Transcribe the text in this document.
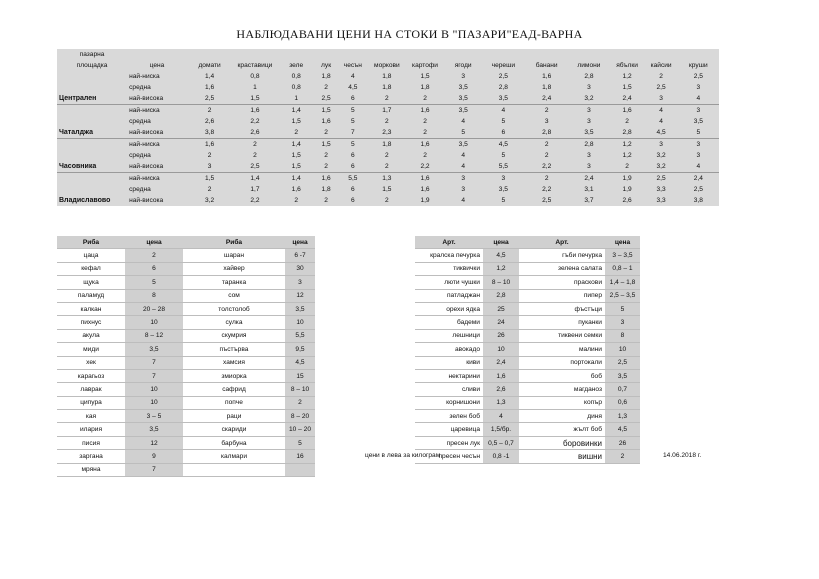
НАБЛЮДАВАНИ ЦЕНИ НА СТОКИ В "ПАЗАРИ"ЕАД-ВАРНА
пазарна															
площадка	цена	домати	краставици	зеле	лук	чесън	моркови	картофи	ягоди	череши	банани	лимони	ябълки	кайсии	круши
	най-ниска	1,4	0,8	0,8	1,8	4	1,8	1,5	3	2,5	1,6	2,8	1,2	2	2,5
	средна	1,6	1	0,8	2	4,5	1,8	1,8	3,5	2,8	1,8	3	1,5	2,5	3
Централен	най-висока	2,5	1,5	1	2,5	6	2	2	3,5	3,5	2,4	3,2	2,4	3	4
	най-ниска	2	1,6	1,4	1,5	5	1,7	1,6	3,5	4	2	3	1,6	4	3
	средна	2,6	2,2	1,5	1,6	5	2	2	4	5	3	3	2	4	3,5
Чаталджа	най-висока	3,8	2,6	2	2	7	2,3	2	5	6	2,8	3,5	2,8	4,5	5
	най-ниска	1,6	2	1,4	1,5	5	1,8	1,6	3,5	4,5	2	2,8	1,2	3	3
	средна	2	2	1,5	2	6	2	2	4	5	2	3	1,2	3,2	3
Часовника	най-висока	3	2,5	1,5	2	6	2	2,2	4	5,5	2,2	3	2	3,2	4
	най-ниска	1,5	1,4	1,4	1,6	5,5	1,3	1,6	3	3	2	2,4	1,9	2,5	2,4
	средна	2	1,7	1,6	1,8	6	1,5	1,6	3	3,5	2,2	3,1	1,9	3,3	2,5
Владиславово	най-висока	3,2	2,2	2	2	6	2	1,9	4	5	2,5	3,7	2,6	3,3	3,8
Риба	цена	Риба	цена
цаца	2	шаран	6 -7
кефал	6	хайвер	30
щука	5	таранка	3
паламуд	8	сом	12
калкан	20 – 28	толстолоб	3,5
пихнус	10	сулка	10
акула	8 – 12	скумрия	5,5
миди	3,5	пъстърва	9,5
хек	7	хамсия	4,5
карагьоз	7	змиорка	15
лаврак	10	сафрид	8 – 10
ципура	10	попчe	2
кая	3 – 5	раци	8 – 20
илария	3,5	скариди	10 – 20
писия	12	барбуна	5
заргана	9	калмари	16
мряна	7		
Арт.	цена	Арт.	цена
кралска печурка	4,5	гъби печурка	3 – 3,5
тиквички	1,2	зелена салата	0,8 – 1
люти чушки	8 – 10	праскови	1,4 – 1,8
патладжан	2,8	пипер	2,5 – 3,5
орехи ядка	25	фъстъци	5
бадеми	24	пуканки	3
лешници	26	тиквени семки	8
авокадо	10	малини	10
киви	2,4	портокали	2,5
нектарини	1,6	боб	3,5
сливи	2,6	магданоз	0,7
корнишони	1,3	копър	0,6
зелен боб	4	диня	1,3
царевица	1,5/бр.	жълт боб	4,5
пресен лук	0,5 – 0,7	боровинки	26
пресен чесън	0,8 -1	вишни	2
цени в лева за килограм	14.06.2018 г.
